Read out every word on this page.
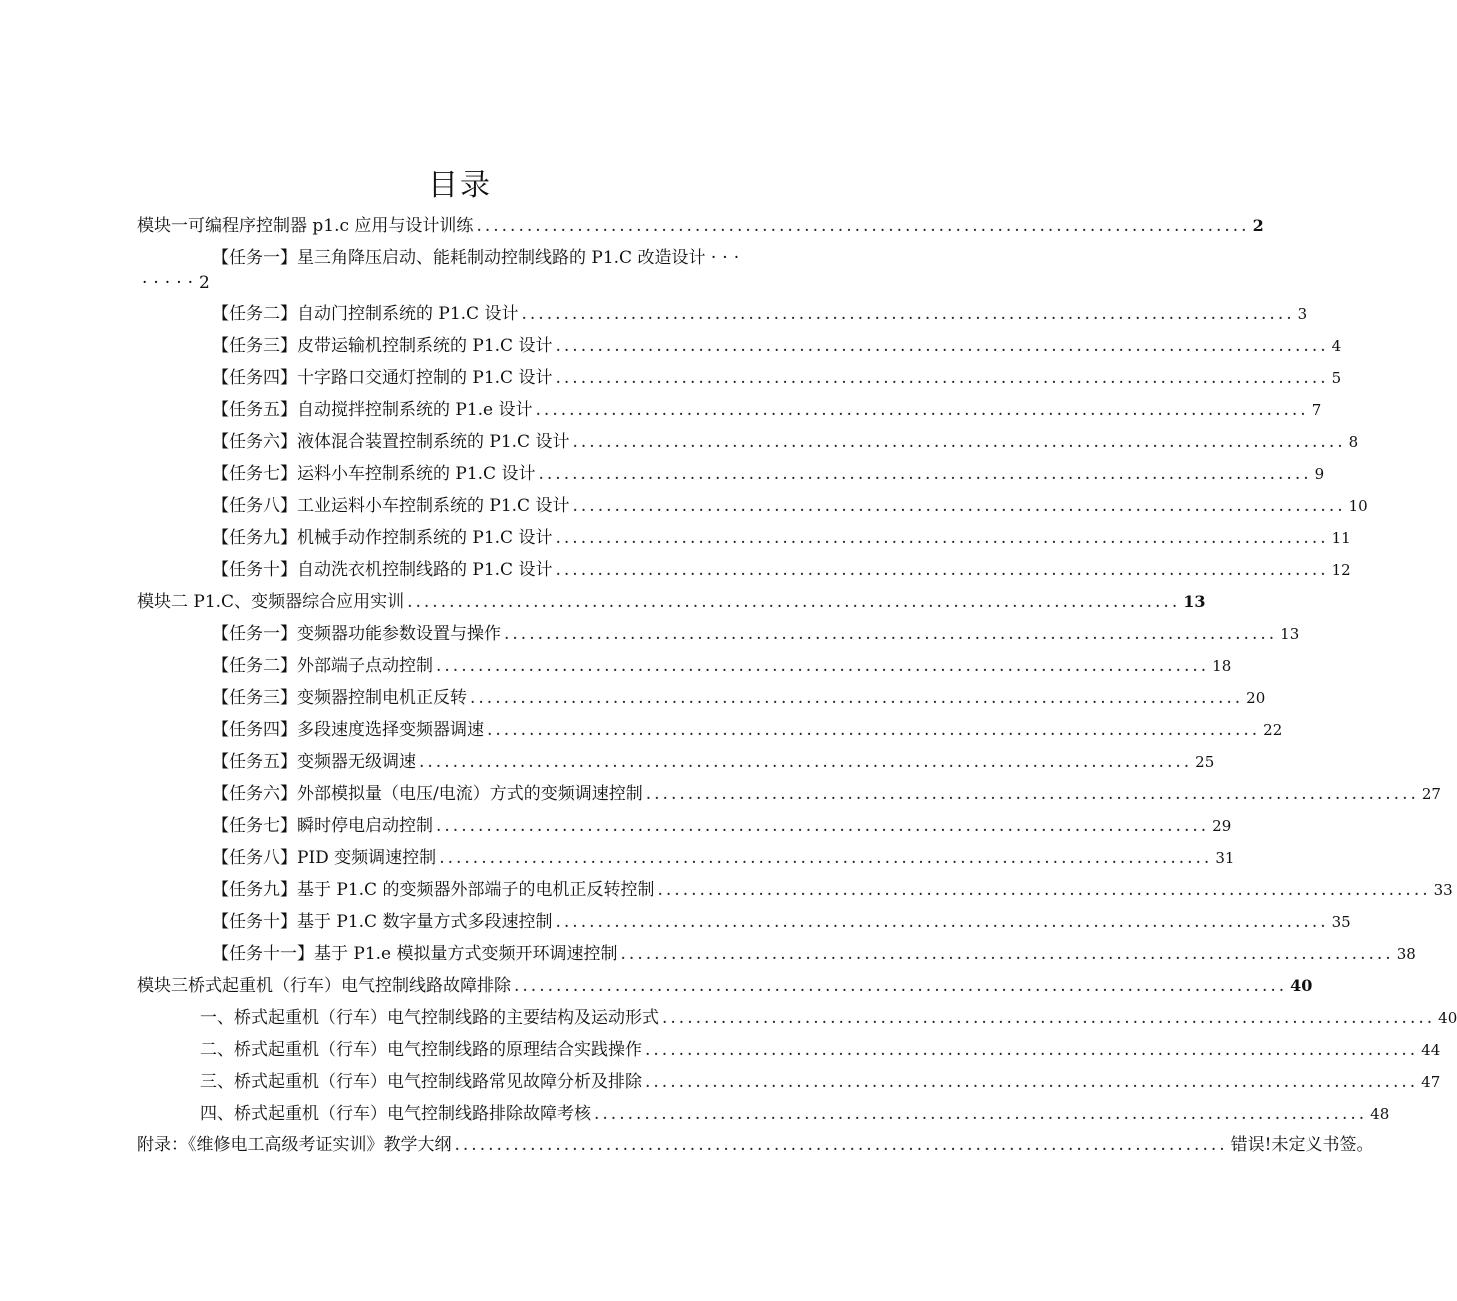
目录
模块一可编程序控制器 p1.c 应用与设计训练 ............................................................................................ 2
【任务一】星三角降压启动、能耗制动控制线路的 P1.C 改造设计 ···
·····2
【任务二】自动门控制系统的 P1.C 设计 ............................................................................................ 3
【任务三】皮带运输机控制系统的 P1.C 设计 ............................................................................................ 4
【任务四】十字路口交通灯控制的 P1.C 设计 ............................................................................................ 5
【任务五】自动搅拌控制系统的 P1.e 设计 ............................................................................................ 7
【任务六】液体混合装置控制系统的 P1.C 设计 ............................................................................................ 8
【任务七】运料小车控制系统的 P1.C 设计 ............................................................................................ 9
【任务八】工业运料小车控制系统的 P1.C 设计 ............................................................................................ 10
【任务九】机械手动作控制系统的 P1.C 设计 ............................................................................................ 11
【任务十】自动洗衣机控制线路的 P1.C 设计 ............................................................................................ 12
模块二 P1.C、变频器综合应用实训 ............................................................................................ 13
【任务一】变频器功能参数设置与操作 ............................................................................................ 13
【任务二】外部端子点动控制 ............................................................................................ 18
【任务三】变频器控制电机正反转 ............................................................................................ 20
【任务四】多段速度选择变频器调速 ............................................................................................ 22
【任务五】变频器无级调速 ............................................................................................ 25
【任务六】外部模拟量（电压/电流）方式的变频调速控制 ............................................................................................ 27
【任务七】瞬时停电启动控制 ............................................................................................ 29
【任务八】PID 变频调速控制 ............................................................................................ 31
【任务九】基于 P1.C 的变频器外部端子的电机正反转控制 ............................................................................................ 33
【任务十】基于 P1.C 数字量方式多段速控制 ............................................................................................ 35
【任务十一】基于 P1.e 模拟量方式变频开环调速控制 ............................................................................................ 38
模块三桥式起重机（行车）电气控制线路故障排除 ............................................................................................ 40
一、桥式起重机（行车）电气控制线路的主要结构及运动形式 ............................................................................................ 40
二、桥式起重机（行车）电气控制线路的原理结合实践操作 ............................................................................................ 44
三、桥式起重机（行车）电气控制线路常见故障分析及排除 ............................................................................................ 47
四、桥式起重机（行车）电气控制线路排除故障考核 ............................................................................................ 48
附录：《维修电工高级考证实训》教学大纲 ............................................................................................ 错误!未定义书签。
